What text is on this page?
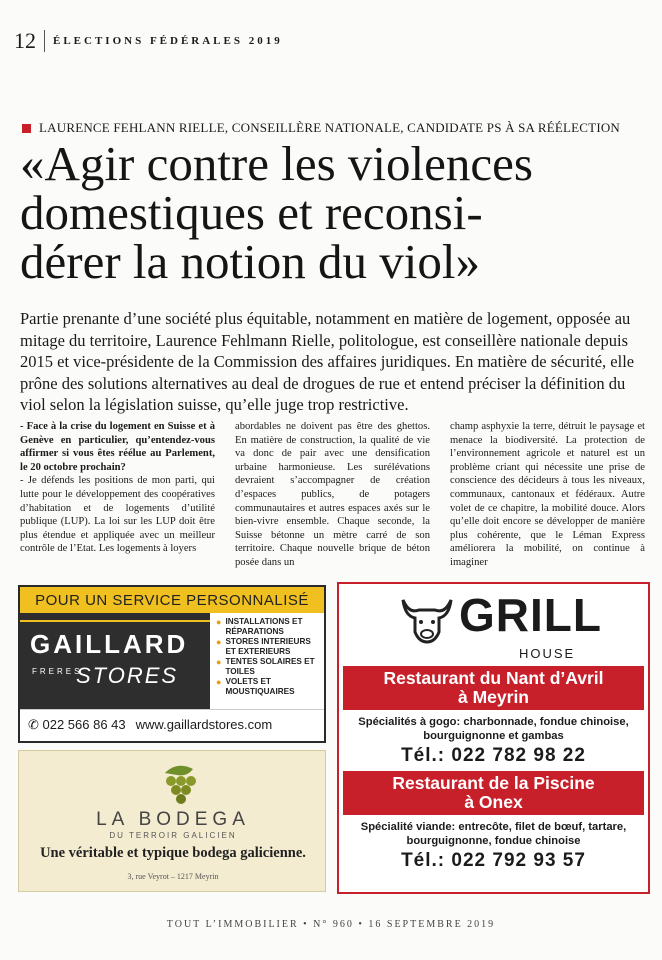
12 ÉLECTIONS FÉDÉRALES 2019
LAURENCE FEHLANN RIELLE, CONSEILLÈRE NATIONALE, CANDIDATE PS À SA RÉÉLECTION
«Agir contre les violences
domestiques et reconsi-
dérer la notion du viol»

Partie prenante d’une société plus équitable, notamment en matière de logement, opposée au mitage du territoire, Laurence Fehlmann Rielle, politologue, est conseillère nationale depuis 2015 et vice-présidente de la Commission des affaires juridiques. En matière de sécurité, elle prône des solutions alternatives au deal de drogues de rue et entend préciser la définition du viol selon la législation suisse, qu’elle juge trop restrictive.

- Face à la crise du logement en Suisse et à Genève en particulier, qu’entendez-vous affirmer si vous êtes réélue au Parlement, le 20 octobre prochain?

- Je défends les positions de mon parti, qui lutte pour le développement des coopératives d’habitation et de logements d’utilité publique (LUP). La loi sur les LUP doit être plus étendue et appliquée avec un meilleur contrôle de l’Etat. Les logements à loyers

abordables ne doivent pas être des ghettos. En matière de construction, la qualité de vie va donc de pair avec une densification urbaine harmonieuse. Les surélévations devraient s’accompagner de création d’espaces publics, de potagers communautaires et autres espaces axés sur le bien-vivre ensemble. Chaque seconde, la Suisse bétonne un mètre carré de son territoire. Chaque nouvelle brique de béton posée dans un

champ asphyxie la terre, détruit le paysage et menace la biodiversité. La protection de l’environnement agricole et naturel est un problème criant qui nécessite une prise de conscience des décideurs à tous les niveaux, communaux, cantonaux et fédéraux. Autre volet de ce chapitre, la mobilité douce. Alors qu’elle doit encore se développer de manière plus cohérente, que le Léman Express améliorera la mobilité, on continue à imaginer

POUR UN SERVICE PERSONNALISÉ
GAILLARD
FRERES
STORES
● INSTALLATIONS ET RÉPARATIONS
● STORES INTERIEURS ET EXTERIEURS
● TENTES SOLAIRES ET TOILES
● VOLETS ET MOUSTIQUAIRES
✆ 022 566 86 43 www.gaillardstores.com
LA BODEGA
DU TERROIR GALICIEN
Une véritable et typique bodega galicienne.
3, rue Veyrot – 1217 Meyrin
GRILL
HOUSE
Restaurant du Nant d’Avril
à Meyrin
Spécialités à gogo: charbonnade, fondue chinoise, bourguignonne et gambas
Tél.: 022 782 98 22
Restaurant de la Piscine
à Onex
Spécialité viande: entrecôte, filet de bœuf, tartare, bourguignonne, fondue chinoise
Tél.: 022 792 93 57
TOUT L’IMMOBILIER • N° 960 • 16 SEPTEMBRE 2019
